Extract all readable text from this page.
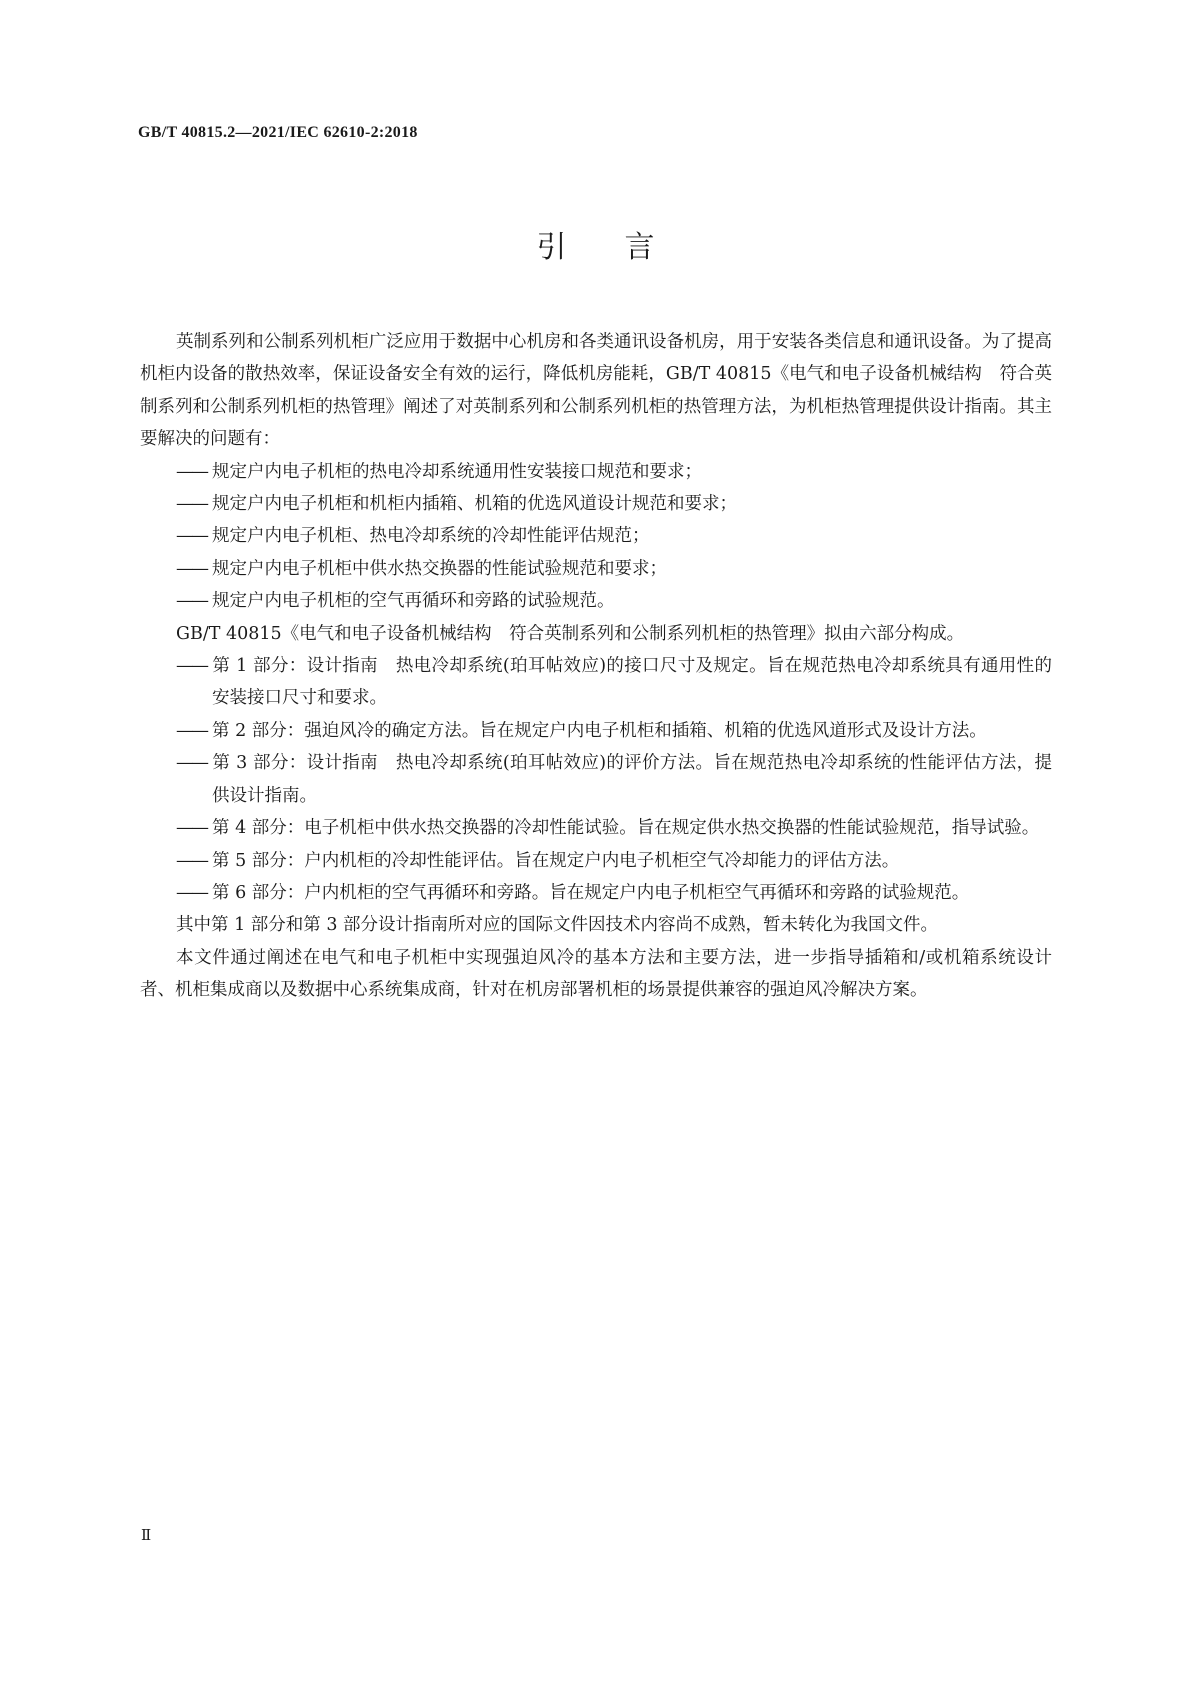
GB/T 40815.2—2021/IEC 62610-2:2018
引言

英制系列和公制系列机柜广泛应用于数据中心机房和各类通讯设备机房，用于安装各类信息和通讯设备。为了提高机柜内设备的散热效率，保证设备安全有效的运行，降低机房能耗，GB/T 40815《电气和电子设备机械结构　符合英制系列和公制系列机柜的热管理》阐述了对英制系列和公制系列机柜的热管理方法，为机柜热管理提供设计指南。其主要解决的问题有：

—— 规定户内电子机柜的热电冷却系统通用性安装接口规范和要求；

—— 规定户内电子机柜和机柜内插箱、机箱的优选风道设计规范和要求；

—— 规定户内电子机柜、热电冷却系统的冷却性能评估规范；

—— 规定户内电子机柜中供水热交换器的性能试验规范和要求；

—— 规定户内电子机柜的空气再循环和旁路的试验规范。

GB/T 40815《电气和电子设备机械结构　符合英制系列和公制系列机柜的热管理》拟由六部分构成。

—— 第 1 部分：设计指南　热电冷却系统(珀耳帖效应)的接口尺寸及规定。旨在规范热电冷却系统具有通用性的安装接口尺寸和要求。

—— 第 2 部分：强迫风冷的确定方法。旨在规定户内电子机柜和插箱、机箱的优选风道形式及设计方法。

—— 第 3 部分：设计指南　热电冷却系统(珀耳帖效应)的评价方法。旨在规范热电冷却系统的性能评估方法，提供设计指南。

—— 第 4 部分：电子机柜中供水热交换器的冷却性能试验。旨在规定供水热交换器的性能试验规范，指导试验。

—— 第 5 部分：户内机柜的冷却性能评估。旨在规定户内电子机柜空气冷却能力的评估方法。

—— 第 6 部分：户内机柜的空气再循环和旁路。旨在规定户内电子机柜空气再循环和旁路的试验规范。

其中第 1 部分和第 3 部分设计指南所对应的国际文件因技术内容尚不成熟，暂未转化为我国文件。

本文件通过阐述在电气和电子机柜中实现强迫风冷的基本方法和主要方法，进一步指导插箱和/或机箱系统设计者、机柜集成商以及数据中心系统集成商，针对在机房部署机柜的场景提供兼容的强迫风冷解决方案。

Ⅱ
